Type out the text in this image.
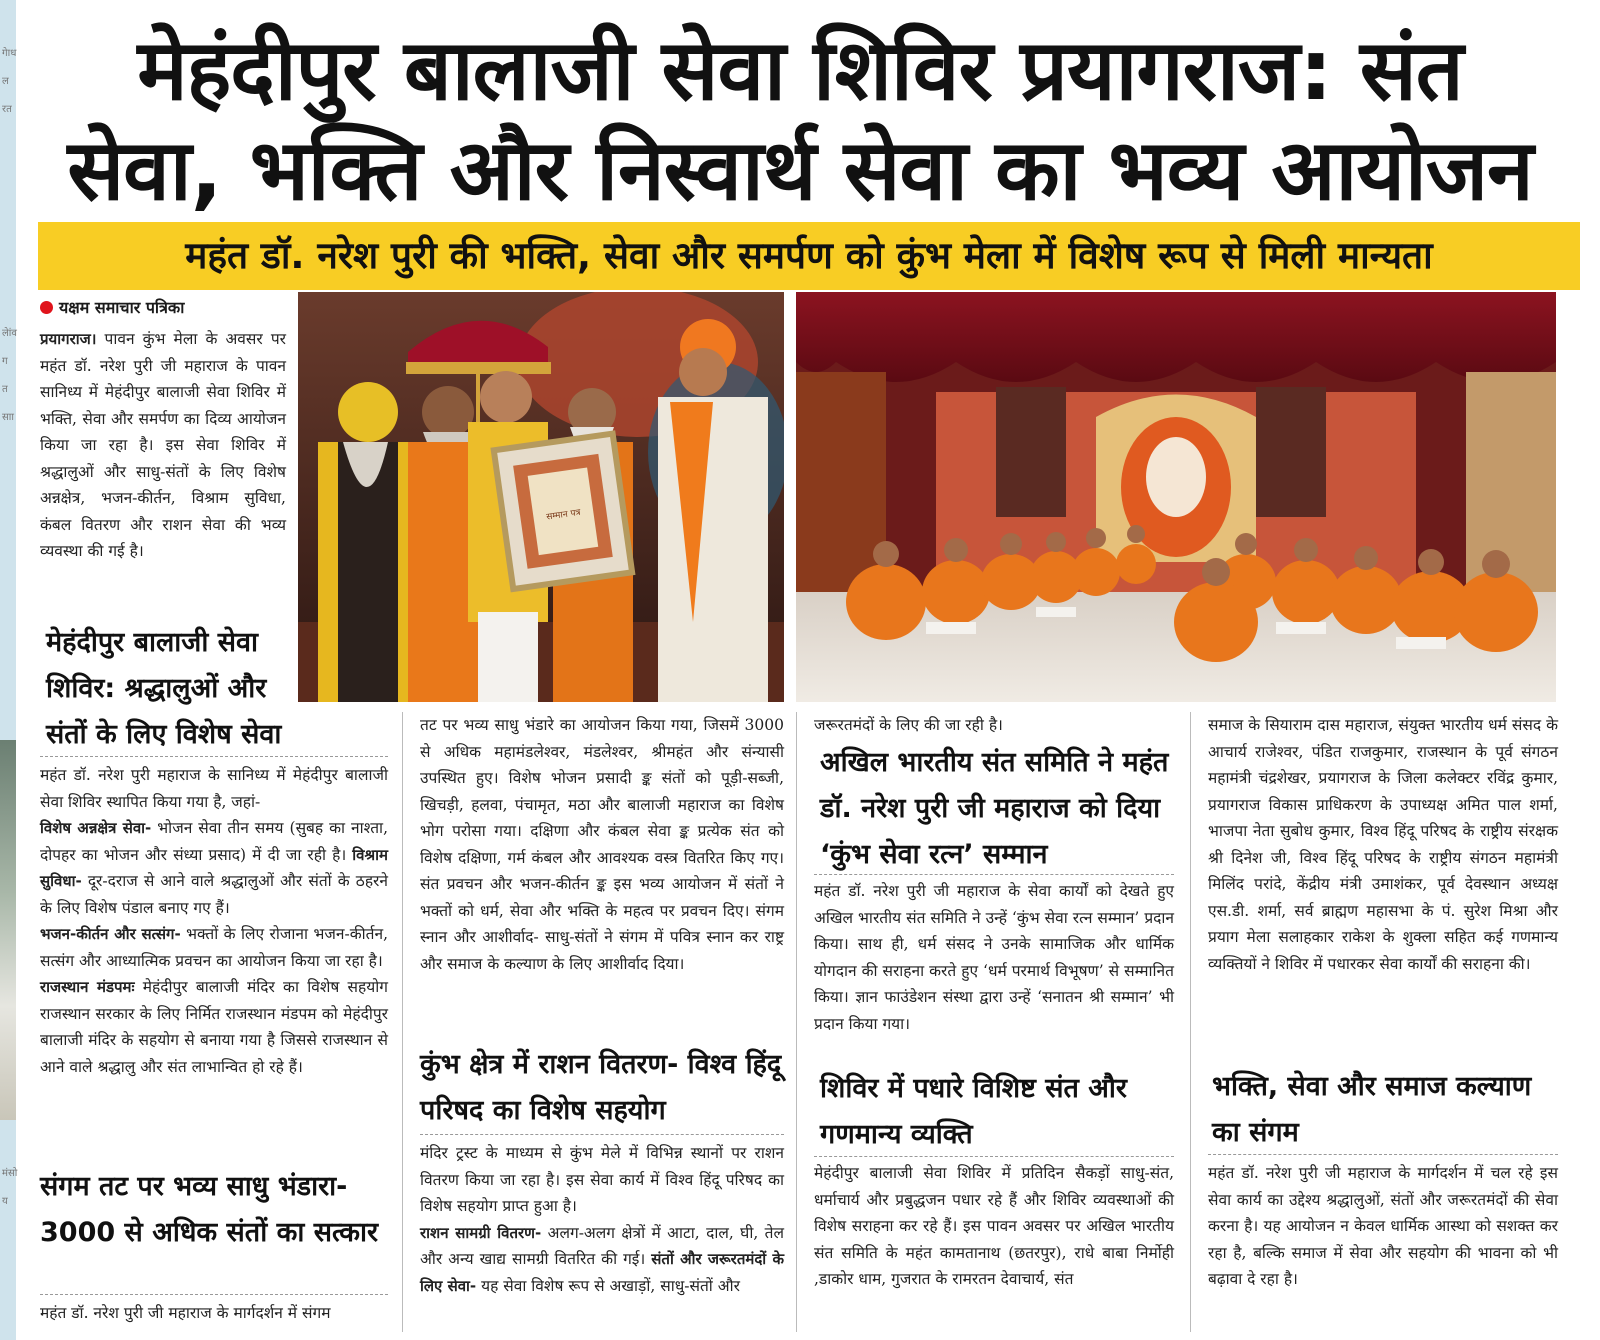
गेाधलरत
लेांवगतसाा
मंसोय
मेहंदीपुर बालाजी सेवा शिविर प्रयागराज: संत
सेवा, भक्ति और निस्वार्थ सेवा का भव्य आयोजन
महंत डॉ. नरेश पुरी की भक्ति, सेवा और समर्पण को कुंभ मेला में विशेष रूप से मिली मान्यता
यक्षम समाचार पत्रिका
सम्मान पत्र
प्रयागराज। पावन कुंभ मेला के अवसर पर महंत डॉ. नरेश पुरी जी महाराज के पावन सानिध्य में मेहंदीपुर बालाजी सेवा शिविर में भक्ति, सेवा और समर्पण का दिव्य आयोजन किया जा रहा है। इस सेवा शिविर में श्रद्धालुओं और साधु-संतों के लिए विशेष अन्नक्षेत्र, भजन-कीर्तन, विश्राम सुविधा, कंबल वितरण और राशन सेवा की भव्य व्यवस्था की गई है।
मेहंदीपुर बालाजी सेवा शिविर: श्रद्धालुओं और संतों के लिए विशेष सेवा
महंत डॉ. नरेश पुरी महाराज के सानिध्य में मेहंदीपुर बालाजी सेवा शिविर स्थापित किया गया है, जहां-
विशेष अन्नक्षेत्र सेवा- भोजन सेवा तीन समय (सुबह का नाश्ता, दोपहर का भोजन और संध्या प्रसाद) में दी जा रही है। विश्राम सुविधा- दूर-दराज से आने वाले श्रद्धालुओं और संतों के ठहरने के लिए विशेष पंडाल बनाए गए हैं।
भजन-कीर्तन और सत्संग- भक्तों के लिए रोजाना भजन-कीर्तन, सत्संग और आध्यात्मिक प्रवचन का आयोजन किया जा रहा है।
राजस्थान मंडपमः मेहंदीपुर बालाजी मंदिर का विशेष सहयोग राजस्थान सरकार के लिए निर्मित राजस्थान मंडपम को मेहंदीपुर बालाजी मंदिर के सहयोग से बनाया गया है जिससे राजस्थान से आने वाले श्रद्धालु और संत लाभान्वित हो रहे हैं।
संगम तट पर भव्य साधु भंडारा- 3000 से अधिक संतों का सत्कार
महंत डॉ. नरेश पुरी जी महाराज के मार्गदर्शन में संगम
तट पर भव्य साधु भंडारे का आयोजन किया गया, जिसमें 3000 से अधिक महामंडलेश्वर, मंडलेश्वर, श्रीमहंत और संन्यासी उपस्थित हुए। विशेष भोजन प्रसादी ङ्क संतों को पूड़ी-सब्जी, खिचड़ी, हलवा, पंचामृत, मठा और बालाजी महाराज का विशेष भोग परोसा गया। दक्षिणा और कंबल सेवा ङ्क प्रत्येक संत को विशेष दक्षिणा, गर्म कंबल और आवश्यक वस्त्र वितरित किए गए। संत प्रवचन और भजन-कीर्तन ङ्क इस भव्य आयोजन में संतों ने भक्तों को धर्म, सेवा और भक्ति के महत्व पर प्रवचन दिए। संगम स्नान और आशीर्वाद- साधु-संतों ने संगम में पवित्र स्नान कर राष्ट्र और समाज के कल्याण के लिए आशीर्वाद दिया।
कुंभ क्षेत्र में राशन वितरण- विश्व हिंदू परिषद का विशेष सहयोग
मंदिर ट्रस्ट के माध्यम से कुंभ मेले में विभिन्न स्थानों पर राशन वितरण किया जा रहा है। इस सेवा कार्य में विश्व हिंदू परिषद का विशेष सहयोग प्राप्त हुआ है।
राशन सामग्री वितरण- अलग-अलग क्षेत्रों में आटा, दाल, घी, तेल और अन्य खाद्य सामग्री वितरित की गई। संतों और जरूरतमंदों के लिए सेवा- यह सेवा विशेष रूप से अखाड़ों, साधु-संतों और
जरूरतमंदों के लिए की जा रही है।
अखिल भारतीय संत समिति ने महंत डॉ. नरेश पुरी जी महाराज को दिया ‘कुंभ सेवा रत्न’ सम्मान
महंत डॉ. नरेश पुरी जी महाराज के सेवा कार्यों को देखते हुए अखिल भारतीय संत समिति ने उन्हें ‘कुंभ सेवा रत्न सम्मान’ प्रदान किया। साथ ही, धर्म संसद ने उनके सामाजिक और धार्मिक योगदान की सराहना करते हुए ‘धर्म परमार्थ विभूषण’ से सम्मानित किया। ज्ञान फाउंडेशन संस्था द्वारा उन्हें ‘सनातन श्री सम्मान’ भी प्रदान किया गया।
शिविर में पधारे विशिष्ट संत और गणमान्य व्यक्ति
मेहंदीपुर बालाजी सेवा शिविर में प्रतिदिन सैकड़ों साधु-संत, धर्माचार्य और प्रबुद्धजन पधार रहे हैं और शिविर व्यवस्थाओं की विशेष सराहना कर रहे हैं। इस पावन अवसर पर अखिल भारतीय संत समिति के महंत कामतानाथ (छतरपुर), राधे बाबा निर्मोही ,डाकोर धाम, गुजरात के रामरतन देवाचार्य, संत
समाज के सियाराम दास महाराज, संयुक्त भारतीय धर्म संसद के आचार्य राजेश्वर, पंडित राजकुमार, राजस्थान के पूर्व संगठन महामंत्री चंद्रशेखर, प्रयागराज के जिला कलेक्टर रविंद्र कुमार, प्रयागराज विकास प्राधिकरण के उपाध्यक्ष अमित पाल शर्मा, भाजपा नेता सुबोध कुमार, विश्व हिंदू परिषद के राष्ट्रीय संरक्षक श्री दिनेश जी, विश्व हिंदू परिषद के राष्ट्रीय संगठन महामंत्री मिलिंद परांदे, केंद्रीय मंत्री उमाशंकर, पूर्व देवस्थान अध्यक्ष एस.डी. शर्मा, सर्व ब्राह्मण महासभा के पं. सुरेश मिश्रा और प्रयाग मेला सलाहकार राकेश के शुक्ला सहित कई गणमान्य व्यक्तियों ने शिविर में पधारकर सेवा कार्यों की सराहना की।
भक्ति, सेवा और समाज कल्याण का संगम
महंत डॉ. नरेश पुरी जी महाराज के मार्गदर्शन में चल रहे इस सेवा कार्य का उद्देश्य श्रद्धालुओं, संतों और जरूरतमंदों की सेवा करना है। यह आयोजन न केवल धार्मिक आस्था को सशक्त कर रहा है, बल्कि समाज में सेवा और सहयोग की भावना को भी बढ़ावा दे रहा है।
